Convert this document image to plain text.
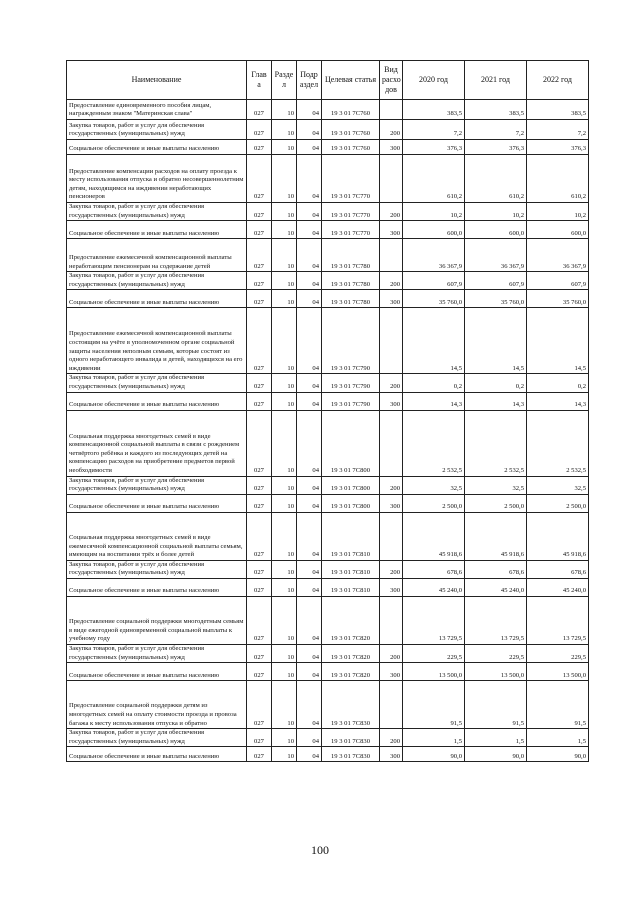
Наименование	Глав а	Разде л	Подр аздел	Целевая статья	Вид расхо дов	2020 год	2021 год	2022 год
Предоставление единовременного пособия лицам, награжденным знаком "Материнская слава"	027	10	04	19 3 01 7С760		383,5	383,5	383,5
Закупка товаров, работ и услуг для обеспечения государственных (муниципальных) нужд	027	10	04	19 3 01 7С760	200	7,2	7,2	7,2
Социальное обеспечение и иные выплаты населению	027	10	04	19 3 01 7С760	300	376,3	376,3	376,3
Предоставление компенсации расходов на оплату проезда к месту использования отпуска и обратно несовершеннолетним детям, находящимся на иждивении неработающих пенсионеров	027	10	04	19 3 01 7С770		610,2	610,2	610,2
Закупка товаров, работ и услуг для обеспечения государственных (муниципальных) нужд	027	10	04	19 3 01 7С770	200	10,2	10,2	10,2
Социальное обеспечение и иные выплаты населению	027	10	04	19 3 01 7С770	300	600,0	600,0	600,0
Предоставление ежемесячной компенсационной выплаты неработающим пенсионерам на содержание детей	027	10	04	19 3 01 7С780		36 367,9	36 367,9	36 367,9
Закупка товаров, работ и услуг для обеспечения государственных (муниципальных) нужд	027	10	04	19 3 01 7С780	200	607,9	607,9	607,9
Социальное обеспечение и иные выплаты населению	027	10	04	19 3 01 7С780	300	35 760,0	35 760,0	35 760,0
Предоставление ежемесячной компенсационной выплаты состоящим на учёте в уполномоченном органе социальной защиты населения неполным семьям, которые состоят из одного неработающего инвалида и детей, находящихся на его иждивении	027	10	04	19 3 01 7С790		14,5	14,5	14,5
Закупка товаров, работ и услуг для обеспечения государственных (муниципальных) нужд	027	10	04	19 3 01 7С790	200	0,2	0,2	0,2
Социальное обеспечение и иные выплаты населению	027	10	04	19 3 01 7С790	300	14,3	14,3	14,3
Социальная поддержка многодетных семей в виде компенсационной социальной выплаты в связи с рождением четвёртого ребёнка и каждого из последующих детей на компенсацию расходов на приобретение предметов первой необходимости	027	10	04	19 3 01 7С800		2 532,5	2 532,5	2 532,5
Закупка товаров, работ и услуг для обеспечения государственных (муниципальных) нужд	027	10	04	19 3 01 7С800	200	32,5	32,5	32,5
Социальное обеспечение и иные выплаты населению	027	10	04	19 3 01 7С800	300	2 500,0	2 500,0	2 500,0
Социальная поддержка многодетных семей в виде ежемесячной компенсационной социальной выплаты семьям, имеющим на воспитании трёх и более детей	027	10	04	19 3 01 7С810		45 918,6	45 918,6	45 918,6
Закупка товаров, работ и услуг для обеспечения государственных (муниципальных) нужд	027	10	04	19 3 01 7С810	200	678,6	678,6	678,6
Социальное обеспечение и иные выплаты населению	027	10	04	19 3 01 7С810	300	45 240,0	45 240,0	45 240,0
Предоставление социальной поддержки многодетным семьям в виде ежегодной единовременной социальной выплаты к учебному году	027	10	04	19 3 01 7С820		13 729,5	13 729,5	13 729,5
Закупка товаров, работ и услуг для обеспечения государственных (муниципальных) нужд	027	10	04	19 3 01 7С820	200	229,5	229,5	229,5
Социальное обеспечение и иные выплаты населению	027	10	04	19 3 01 7С820	300	13 500,0	13 500,0	13 500,0
Предоставление социальной поддержки детям из многодетных семей на оплату стоимости проезда и провоза багажа к месту использования отпуска и обратно	027	10	04	19 3 01 7С830		91,5	91,5	91,5
Закупка товаров, работ и услуг для обеспечения государственных (муниципальных) нужд	027	10	04	19 3 01 7С830	200	1,5	1,5	1,5
Социальное обеспечение и иные выплаты населению	027	10	04	19 3 01 7С830	300	90,0	90,0	90,0
100
